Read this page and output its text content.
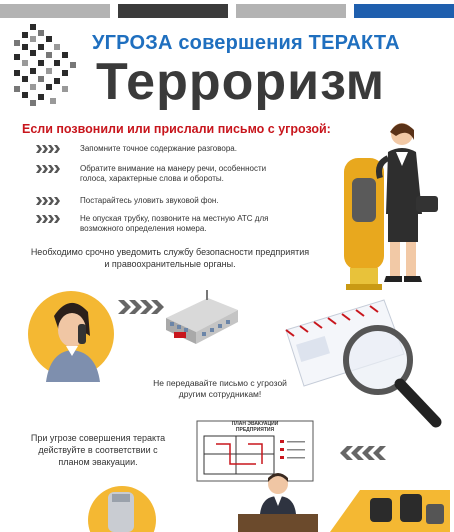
УГРОЗА совершения ТЕРАКТА
Терроризм
Если позвонили или прислали письмо с угрозой:
Запомните точное содержание разговора.
Обратите внимание на манеру речи, особенности голоса, характерные слова и обороты.
Постарайтесь уловить звуковой фон.
Не опуская трубку, позвоните на местную АТС для возможного определения номера.
Необходимо срочно уведомить службу безопасности предприятия и правоохранительные органы.
Не передавайте письмо с угрозой другим сотрудникам!
ПЛАН ЭВАКУАЦИИ ПРЕДПРИЯТИЯ
При угрозе совершения теракта действуйте в соответствии с планом эвакуации.
